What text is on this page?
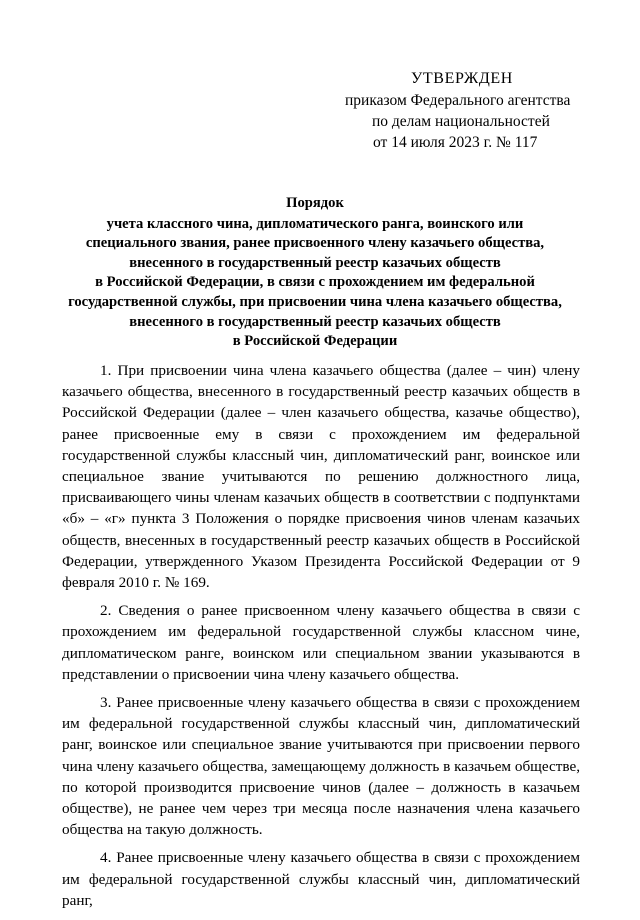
УТВЕРЖДЕН
приказом Федерального агентства
по делам национальностей
от 14 июля 2023 г. № 117
Порядок
учета классного чина, дипломатического ранга, воинского или
специального звания, ранее присвоенного члену казачьего общества,
внесенного в государственный реестр казачьих обществ
в Российской Федерации, в связи с прохождением им федеральной
государственной службы, при присвоении чина члена казачьего общества,
внесенного в государственный реестр казачьих обществ
в Российской Федерации

1. При присвоении чина члена казачьего общества (далее – чин) члену казачьего общества, внесенного в государственный реестр казачьих обществ в Российской Федерации (далее – член казачьего общества, казачье общество), ранее присвоенные ему в связи с прохождением им федеральной государственной службы классный чин, дипломатический ранг, воинское или специальное звание учитываются по решению должностного лица, присваивающего чины членам казачьих обществ в соответствии с подпунктами «б» – «г» пункта 3 Положения о порядке присвоения чинов членам казачьих обществ, внесенных в государственный реестр казачьих обществ в Российской Федерации, утвержденного Указом Президента Российской Федерации от 9 февраля 2010 г. № 169.

2. Сведения о ранее присвоенном члену казачьего общества в связи с прохождением им федеральной государственной службы классном чине, дипломатическом ранге, воинском или специальном звании указываются в представлении о присвоении чина члену казачьего общества.

3. Ранее присвоенные члену казачьего общества в связи с прохождением им федеральной государственной службы классный чин, дипломатический ранг, воинское или специальное звание учитываются при присвоении первого чина члену казачьего общества, замещающему должность в казачьем обществе, по которой производится присвоение чинов (далее – должность в казачьем обществе), не ранее чем через три месяца после назначения члена казачьего общества на такую должность.

4. Ранее присвоенные члену казачьего общества в связи с прохождением им федеральной государственной службы классный чин, дипломатический ранг,
